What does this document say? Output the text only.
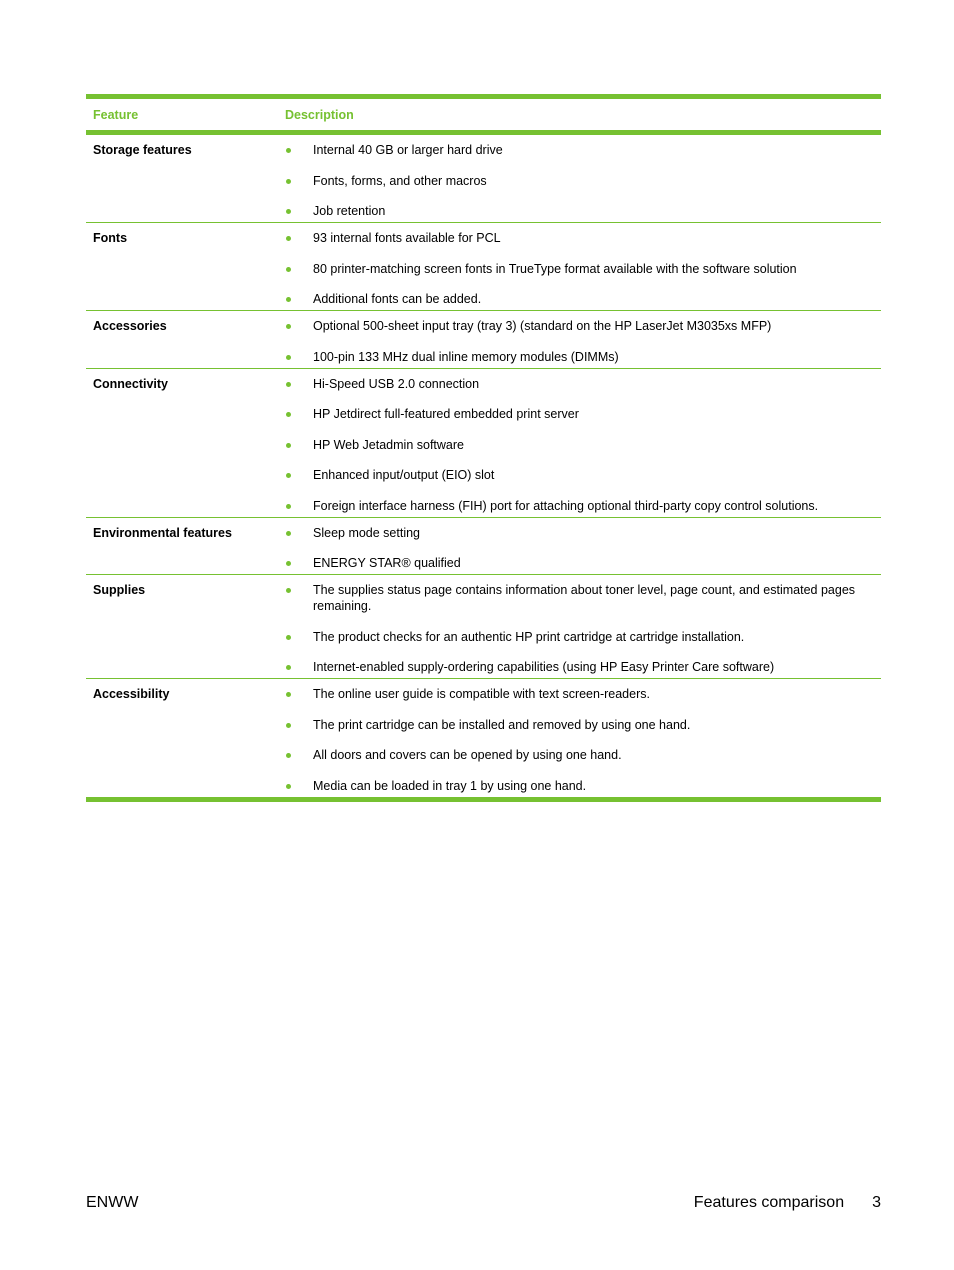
Feature	Description
Storage features	Internal 40 GB or larger hard drive
Fonts, forms, and other macros
Job retention
Fonts	93 internal fonts available for PCL
80 printer-matching screen fonts in TrueType format available with the software solution
Additional fonts can be added.
Accessories	Optional 500-sheet input tray (tray 3) (standard on the HP LaserJet M3035xs MFP)
100-pin 133 MHz dual inline memory modules (DIMMs)
Connectivity	Hi-Speed USB 2.0 connection
HP Jetdirect full-featured embedded print server
HP Web Jetadmin software
Enhanced input/output (EIO) slot
Foreign interface harness (FIH) port for attaching optional third-party copy control solutions.
Environmental features	Sleep mode setting
ENERGY STAR® qualified
Supplies	The supplies status page contains information about toner level, page count, and estimated pages remaining.
The product checks for an authentic HP print cartridge at cartridge installation.
Internet-enabled supply-ordering capabilities (using HP Easy Printer Care software)
Accessibility	The online user guide is compatible with text screen-readers.
The print cartridge can be installed and removed by using one hand.
All doors and covers can be opened by using one hand.
Media can be loaded in tray 1 by using one hand.
ENWW	Features comparison 3
